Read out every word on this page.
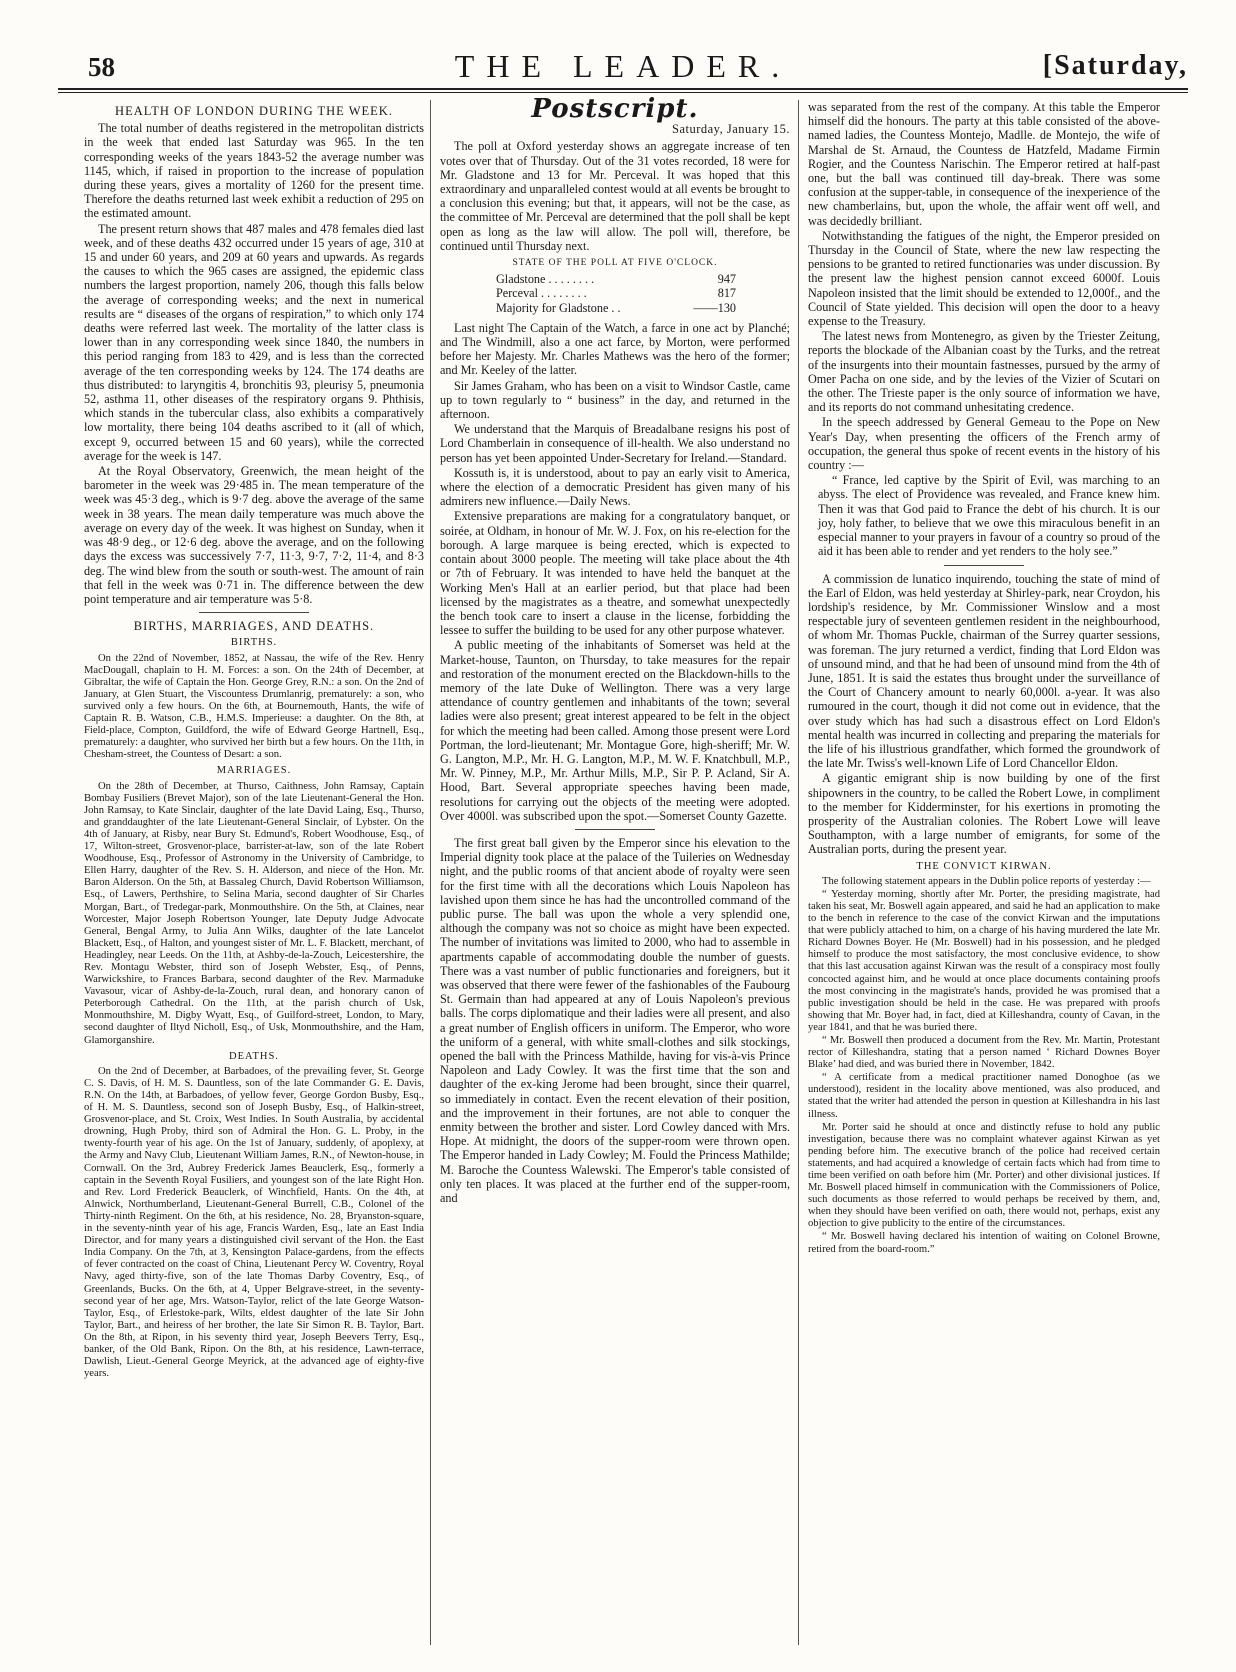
58	THE LEADER.	[Saturday,
HEALTH OF LONDON DURING THE WEEK.

The total number of deaths registered in the metropolitan districts in the week that ended last Saturday was 965. In the ten corresponding weeks of the years 1843-52 the average number was 1145, which, if raised in proportion to the increase of population during these years, gives a mortality of 1260 for the present time. Therefore the deaths returned last week exhibit a reduction of 295 on the estimated amount.

The present return shows that 487 males and 478 females died last week, and of these deaths 432 occurred under 15 years of age, 310 at 15 and under 60 years, and 209 at 60 years and upwards. As regards the causes to which the 965 cases are assigned, the epidemic class numbers the largest proportion, namely 206, though this falls below the average of corresponding weeks; and the next in numerical results are “ diseases of the organs of respiration,” to which only 174 deaths were referred last week. The mortality of the latter class is lower than in any corresponding week since 1840, the numbers in this period ranging from 183 to 429, and is less than the corrected average of the ten corresponding weeks by 124. The 174 deaths are thus distributed: to laryngitis 4, bronchitis 93, pleurisy 5, pneumonia 52, asthma 11, other diseases of the respiratory organs 9. Phthisis, which stands in the tubercular class, also exhibits a comparatively low mortality, there being 104 deaths ascribed to it (all of which, except 9, occurred between 15 and 60 years), while the corrected average for the week is 147.

At the Royal Observatory, Greenwich, the mean height of the barometer in the week was 29·485 in. The mean temperature of the week was 45·3 deg., which is 9·7 deg. above the average of the same week in 38 years. The mean daily temperature was much above the average on every day of the week. It was highest on Sunday, when it was 48·9 deg., or 12·6 deg. above the average, and on the following days the excess was successively 7·7, 11·3, 9·7, 7·2, 11·4, and 8·3 deg. The wind blew from the south or south-west. The amount of rain that fell in the week was 0·71 in. The difference between the dew point temperature and air temperature was 5·8.

BIRTHS, MARRIAGES, AND DEATHS.
BIRTHS.

On the 22nd of November, 1852, at Nassau, the wife of the Rev. Henry MacDougall, chaplain to H. M. Forces: a son. On the 24th of December, at Gibraltar, the wife of Captain the Hon. George Grey, R.N.: a son. On the 2nd of January, at Glen Stuart, the Viscountess Drumlanrig, prematurely: a son, who survived only a few hours. On the 6th, at Bournemouth, Hants, the wife of Captain R. B. Watson, C.B., H.M.S. Imperieuse: a daughter. On the 8th, at Field-place, Compton, Guildford, the wife of Edward George Hartnell, Esq., prematurely: a daughter, who survived her birth but a few hours. On the 11th, in Chesham-street, the Countess of Desart: a son.

MARRIAGES.

On the 28th of December, at Thurso, Caithness, John Ramsay, Captain Bombay Fusiliers (Brevet Major), son of the late Lieutenant-General the Hon. John Ramsay, to Kate Sinclair, daughter of the late David Laing, Esq., Thurso, and granddaughter of the late Lieutenant-General Sinclair, of Lybster. On the 4th of January, at Risby, near Bury St. Edmund's, Robert Woodhouse, Esq., of 17, Wilton-street, Grosvenor-place, barrister-at-law, son of the late Robert Woodhouse, Esq., Professor of Astronomy in the University of Cambridge, to Ellen Harry, daughter of the Rev. S. H. Alderson, and niece of the Hon. Mr. Baron Alderson. On the 5th, at Bassaleg Church, David Robertson Williamson, Esq., of Lawers, Perthshire, to Selina Maria, second daughter of Sir Charles Morgan, Bart., of Tredegar-park, Monmouthshire. On the 5th, at Claines, near Worcester, Major Joseph Robertson Younger, late Deputy Judge Advocate General, Bengal Army, to Julia Ann Wilks, daughter of the late Lancelot Blackett, Esq., of Halton, and youngest sister of Mr. L. F. Blackett, merchant, of Headingley, near Leeds. On the 11th, at Ashby-de-la-Zouch, Leicestershire, the Rev. Montagu Webster, third son of Joseph Webster, Esq., of Penns, Warwickshire, to Frances Barbara, second daughter of the Rev. Marmaduke Vavasour, vicar of Ashby-de-la-Zouch, rural dean, and honorary canon of Peterborough Cathedral. On the 11th, at the parish church of Usk, Monmouthshire, M. Digby Wyatt, Esq., of Guilford-street, London, to Mary, second daughter of Iltyd Nicholl, Esq., of Usk, Monmouthshire, and the Ham, Glamorganshire.

DEATHS.

On the 2nd of December, at Barbadoes, of the prevailing fever, St. George C. S. Davis, of H. M. S. Dauntless, son of the late Commander G. E. Davis, R.N. On the 14th, at Barbadoes, of yellow fever, George Gordon Busby, Esq., of H. M. S. Dauntless, second son of Joseph Busby, Esq., of Halkin-street, Grosvenor-place, and St. Croix, West Indies. In South Australia, by accidental drowning, Hugh Proby, third son of Admiral the Hon. G. L. Proby, in the twenty-fourth year of his age. On the 1st of January, suddenly, of apoplexy, at the Army and Navy Club, Lieutenant William James, R.N., of Newton-house, in Cornwall. On the 3rd, Aubrey Frederick James Beauclerk, Esq., formerly a captain in the Seventh Royal Fusiliers, and youngest son of the late Right Hon. and Rev. Lord Frederick Beauclerk, of Winchfield, Hants. On the 4th, at Alnwick, Northumberland, Lieutenant-General Burrell, C.B., Colonel of the Thirty-ninth Regiment. On the 6th, at his residence, No. 28, Bryanston-square, in the seventy-ninth year of his age, Francis Warden, Esq., late an East India Director, and for many years a distinguished civil servant of the Hon. the East India Company. On the 7th, at 3, Kensington Palace-gardens, from the effects of fever contracted on the coast of China, Lieutenant Percy W. Coventry, Royal Navy, aged thirty-five, son of the late Thomas Darby Coventry, Esq., of Greenlands, Bucks. On the 6th, at 4, Upper Belgrave-street, in the seventy-second year of her age, Mrs. Watson-Taylor, relict of the late George Watson-Taylor, Esq., of Erlestoke-park, Wilts, eldest daughter of the late Sir John Taylor, Bart., and heiress of her brother, the late Sir Simon R. B. Taylor, Bart. On the 8th, at Ripon, in his seventy third year, Joseph Beevers Terry, Esq., banker, of the Old Bank, Ripon. On the 8th, at his residence, Lawn-terrace, Dawlish, Lieut.-General George Meyrick, at the advanced age of eighty-five years.

Postscript.
Saturday, January 15.

The poll at Oxford yesterday shows an aggregate increase of ten votes over that of Thursday. Out of the 31 votes recorded, 18 were for Mr. Gladstone and 13 for Mr. Perceval. It was hoped that this extraordinary and unparalleled contest would at all events be brought to a conclusion this evening; but that, it appears, will not be the case, as the committee of Mr. Perceval are determined that the poll shall be kept open as long as the law will allow. The poll will, therefore, be continued until Thursday next.

STATE OF THE POLL AT FIVE O'CLOCK.
Gladstone . . . . . . . .	947
Perceval . . . . . . . .	817
Majority for Gladstone . .	——130

Last night The Captain of the Watch, a farce in one act by Planché; and The Windmill, also a one act farce, by Morton, were performed before her Majesty. Mr. Charles Mathews was the hero of the former; and Mr. Keeley of the latter.

Sir James Graham, who has been on a visit to Windsor Castle, came up to town regularly to “ business” in the day, and returned in the afternoon.

We understand that the Marquis of Breadalbane resigns his post of Lord Chamberlain in consequence of ill-health. We also understand no person has yet been appointed Under-Secretary for Ireland.—Standard.

Kossuth is, it is understood, about to pay an early visit to America, where the election of a democratic President has given many of his admirers new influence.—Daily News.

Extensive preparations are making for a congratulatory banquet, or soirée, at Oldham, in honour of Mr. W. J. Fox, on his re-election for the borough. A large marquee is being erected, which is expected to contain about 3000 people. The meeting will take place about the 4th or 7th of February. It was intended to have held the banquet at the Working Men's Hall at an earlier period, but that place had been licensed by the magistrates as a theatre, and somewhat unexpectedly the bench took care to insert a clause in the license, forbidding the lessee to suffer the building to be used for any other purpose whatever.

A public meeting of the inhabitants of Somerset was held at the Market-house, Taunton, on Thursday, to take measures for the repair and restoration of the monument erected on the Blackdown-hills to the memory of the late Duke of Wellington. There was a very large attendance of country gentlemen and inhabitants of the town; several ladies were also present; great interest appeared to be felt in the object for which the meeting had been called. Among those present were Lord Portman, the lord-lieutenant; Mr. Montague Gore, high-sheriff; Mr. W. G. Langton, M.P., Mr. H. G. Langton, M.P., M. W. F. Knatchbull, M.P., Mr. W. Pinney, M.P., Mr. Arthur Mills, M.P., Sir P. P. Acland, Sir A. Hood, Bart. Several appropriate speeches having been made, resolutions for carrying out the objects of the meeting were adopted. Over 4000l. was subscribed upon the spot.—Somerset County Gazette.

The first great ball given by the Emperor since his elevation to the Imperial dignity took place at the palace of the Tuileries on Wednesday night, and the public rooms of that ancient abode of royalty were seen for the first time with all the decorations which Louis Napoleon has lavished upon them since he has had the uncontrolled command of the public purse. The ball was upon the whole a very splendid one, although the company was not so choice as might have been expected. The number of invitations was limited to 2000, who had to assemble in apartments capable of accommodating double the number of guests. There was a vast number of public functionaries and foreigners, but it was observed that there were fewer of the fashionables of the Faubourg St. Germain than had appeared at any of Louis Napoleon's previous balls. The corps diplomatique and their ladies were all present, and also a great number of English officers in uniform. The Emperor, who wore the uniform of a general, with white small-clothes and silk stockings, opened the ball with the Princess Mathilde, having for vis-à-vis Prince Napoleon and Lady Cowley. It was the first time that the son and daughter of the ex-king Jerome had been brought, since their quarrel, so immediately in contact. Even the recent elevation of their position, and the improvement in their fortunes, are not able to conquer the enmity between the brother and sister. Lord Cowley danced with Mrs. Hope. At midnight, the doors of the supper-room were thrown open. The Emperor handed in Lady Cowley; M. Fould the Princess Mathilde; M. Baroche the Countess Walewski. The Emperor's table consisted of only ten places. It was placed at the further end of the supper-room, and

was separated from the rest of the company. At this table the Emperor himself did the honours. The party at this table consisted of the above-named ladies, the Countess Montejo, Madlle. de Montejo, the wife of Marshal de St. Arnaud, the Countess de Hatzfeld, Madame Firmin Rogier, and the Countess Narischin. The Emperor retired at half-past one, but the ball was continued till day-break. There was some confusion at the supper-table, in consequence of the inexperience of the new chamberlains, but, upon the whole, the affair went off well, and was decidedly brilliant.

Notwithstanding the fatigues of the night, the Emperor presided on Thursday in the Council of State, where the new law respecting the pensions to be granted to retired functionaries was under discussion. By the present law the highest pension cannot exceed 6000f. Louis Napoleon insisted that the limit should be extended to 12,000f., and the Council of State yielded. This decision will open the door to a heavy expense to the Treasury.

The latest news from Montenegro, as given by the Triester Zeitung, reports the blockade of the Albanian coast by the Turks, and the retreat of the insurgents into their mountain fastnesses, pursued by the army of Omer Pacha on one side, and by the levies of the Vizier of Scutari on the other. The Trieste paper is the only source of information we have, and its reports do not command unhesitating credence.

In the speech addressed by General Gemeau to the Pope on New Year's Day, when presenting the officers of the French army of occupation, the general thus spoke of recent events in the history of his country :—

“ France, led captive by the Spirit of Evil, was marching to an abyss. The elect of Providence was revealed, and France knew him. Then it was that God paid to France the debt of his church. It is our joy, holy father, to believe that we owe this miraculous benefit in an especial manner to your prayers in favour of a country so proud of the aid it has been able to render and yet renders to the holy see.”

A commission de lunatico inquirendo, touching the state of mind of the Earl of Eldon, was held yesterday at Shirley-park, near Croydon, his lordship's residence, by Mr. Commissioner Winslow and a most respectable jury of seventeen gentlemen resident in the neighbourhood, of whom Mr. Thomas Puckle, chairman of the Surrey quarter sessions, was foreman. The jury returned a verdict, finding that Lord Eldon was of unsound mind, and that he had been of unsound mind from the 4th of June, 1851. It is said the estates thus brought under the surveillance of the Court of Chancery amount to nearly 60,000l. a-year. It was also rumoured in the court, though it did not come out in evidence, that the over study which has had such a disastrous effect on Lord Eldon's mental health was incurred in collecting and preparing the materials for the life of his illustrious grandfather, which formed the groundwork of the late Mr. Twiss's well-known Life of Lord Chancellor Eldon.

A gigantic emigrant ship is now building by one of the first shipowners in the country, to be called the Robert Lowe, in compliment to the member for Kidderminster, for his exertions in promoting the prosperity of the Australian colonies. The Robert Lowe will leave Southampton, with a large number of emigrants, for some of the Australian ports, during the present year.

THE CONVICT KIRWAN.

The following statement appears in the Dublin police reports of yesterday :—

“ Yesterday morning, shortly after Mr. Porter, the presiding magistrate, had taken his seat, Mr. Boswell again appeared, and said he had an application to make to the bench in reference to the case of the convict Kirwan and the imputations that were publicly attached to him, on a charge of his having murdered the late Mr. Richard Downes Boyer. He (Mr. Boswell) had in his possession, and he pledged himself to produce the most satisfactory, the most conclusive evidence, to show that this last accusation against Kirwan was the result of a conspiracy most foully concocted against him, and he would at once place documents containing proofs the most convincing in the magistrate's hands, provided he was promised that a public investigation should be held in the case. He was prepared with proofs showing that Mr. Boyer had, in fact, died at Killeshandra, county of Cavan, in the year 1841, and that he was buried there.

“ Mr. Boswell then produced a document from the Rev. Mr. Martin, Protestant rector of Killeshandra, stating that a person named ‘ Richard Downes Boyer Blake’ had died, and was buried there in November, 1842.

“ A certificate from a medical practitioner named Donoghoe (as we understood), resident in the locality above mentioned, was also produced, and stated that the writer had attended the person in question at Killeshandra in his last illness.

Mr. Porter said he should at once and distinctly refuse to hold any public investigation, because there was no complaint whatever against Kirwan as yet pending before him. The executive branch of the police had received certain statements, and had acquired a knowledge of certain facts which had from time to time been verified on oath before him (Mr. Porter) and other divisional justices. If Mr. Boswell placed himself in communication with the Commissioners of Police, such documents as those referred to would perhaps be received by them, and, when they should have been verified on oath, there would not, perhaps, exist any objection to give publicity to the entire of the circumstances.

“ Mr. Boswell having declared his intention of waiting on Colonel Browne, retired from the board-room.”
